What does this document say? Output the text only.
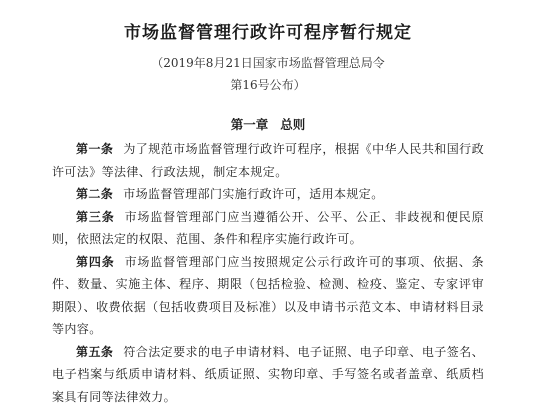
市场监督管理行政许可程序暂行规定

（2019年8月21日国家市场监督管理总局令

第16号公布）

第一章 总则

第一条 为了规范市场监督管理行政许可程序，根据《中华人民共和国行政许可法》等法律、行政法规，制定本规定。

第二条 市场监督管理部门实施行政许可，适用本规定。

第三条 市场监督管理部门应当遵循公开、公平、公正、非歧视和便民原则，依照法定的权限、范围、条件和程序实施行政许可。

第四条 市场监督管理部门应当按照规定公示行政许可的事项、依据、条件、数量、实施主体、程序、期限（包括检验、检测、检疫、鉴定、专家评审期限）、收费依据（包括收费项目及标准）以及申请书示范文本、申请材料目录等内容。

第五条 符合法定要求的电子申请材料、电子证照、电子印章、电子签名、电子档案与纸质申请材料、纸质证照、实物印章、手写签名或者盖章、纸质档案具有同等法律效力。
